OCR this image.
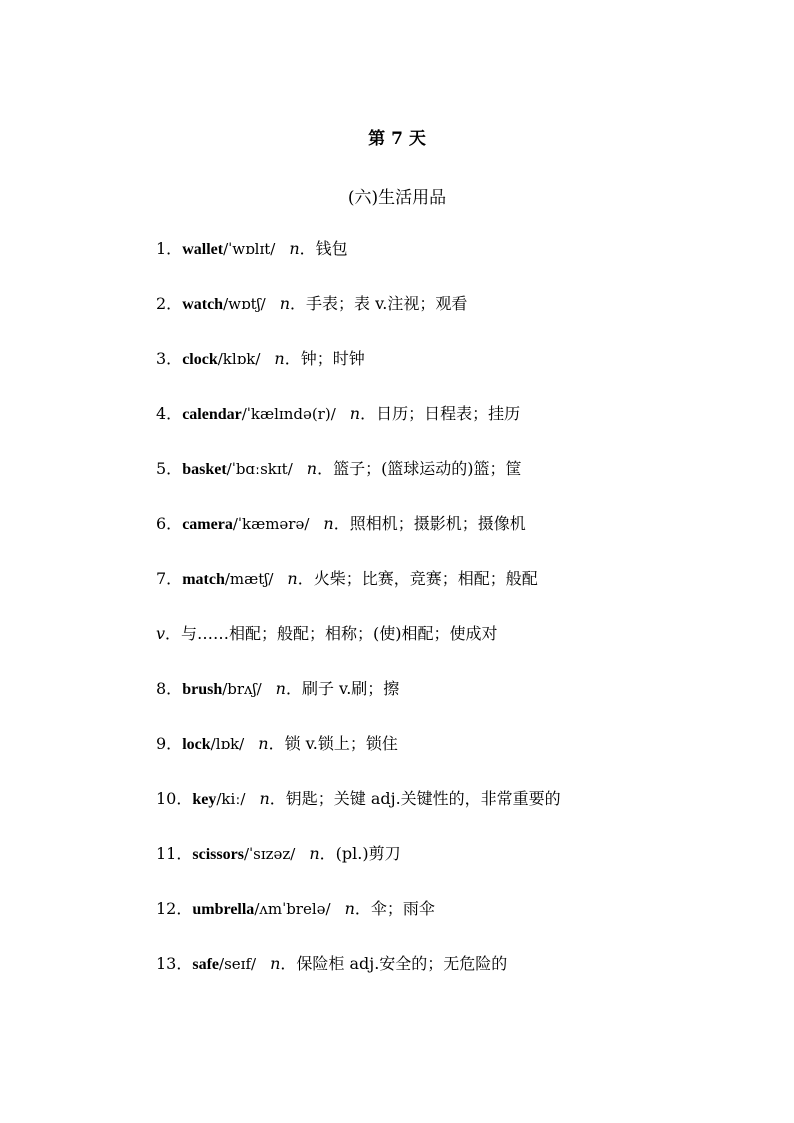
第 7 天
(六)生活用品
1．wallet/ˈwɒlɪt/ n．钱包
2．watch/wɒtʃ/ n．手表；表 v.注视；观看
3．clock/klɒk/ n．钟；时钟
4．calendar/ˈkælɪndə(r)/ n．日历；日程表；挂历
5．basket/ˈbɑːskɪt/ n．篮子；(篮球运动的)篮；筐
6．camera/ˈkæmərə/ n．照相机；摄影机；摄像机
7．match/mætʃ/ n．火柴；比赛，竞赛；相配；般配
v．与……相配；般配；相称；(使)相配；使成对
8．brush/brʌʃ/ n．刷子 v.刷；擦
9．lock/lɒk/ n．锁 v.锁上；锁住
10．key/kiː/ n．钥匙；关键 adj.关键性的，非常重要的
11．scissors/ˈsɪzəz/ n．(pl.)剪刀
12．umbrella/ʌmˈbrelə/ n．伞；雨伞
13．safe/seɪf/ n．保险柜 adj.安全的；无危险的
